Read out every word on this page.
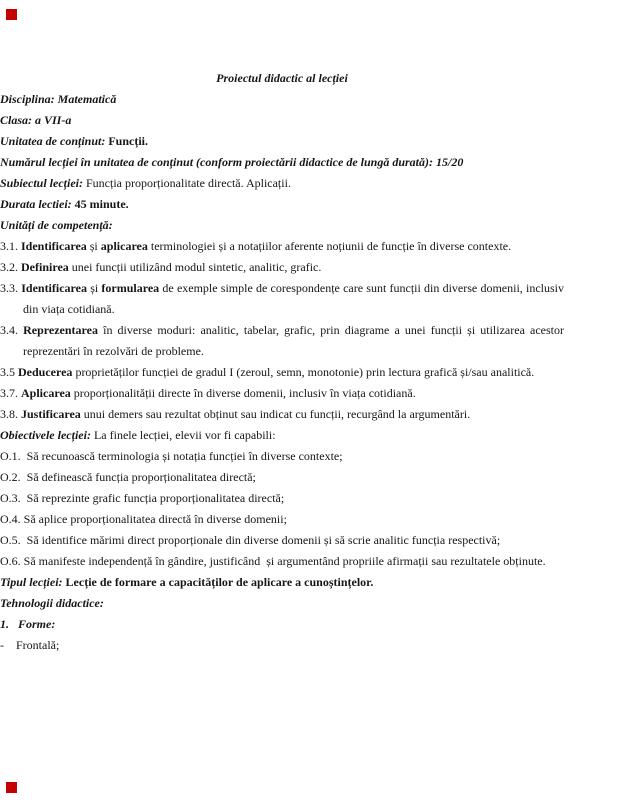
Proiectul didactic al lecției

Disciplina: Matematică

Clasa: a VII-a

Unitatea de conținut: Funcții.

Numărul lecției în unitatea de conținut (conform proiectării didactice de lungă durată): 15/20

Subiectul lecției: Funcția proporționalitate directă. Aplicații.

Durata lectiei: 45 minute.

Unități de competență:

3.1. Identificarea și aplicarea terminologiei și a notațiilor aferente noțiunii de funcție în diverse contexte.

3.2. Definirea unei funcții utilizând modul sintetic, analitic, grafic.

3.3. Identificarea și formularea de exemple simple de corespondențe care sunt funcții din diverse domenii, inclusiv din viața cotidiană.

3.4. Reprezentarea în diverse moduri: analitic, tabelar, grafic, prin diagrame a unei funcții și utilizarea acestor reprezentări în rezolvări de probleme.

3.5 Deducerea proprietăților funcției de gradul I (zeroul, semn, monotonie) prin lectura grafică și/sau analitică.

3.7. Aplicarea proporționalității directe în diverse domenii, inclusiv în viața cotidiană.

3.8. Justificarea unui demers sau rezultat obținut sau indicat cu funcții, recurgând la argumentări.

Obiectivele lecției: La finele lecției, elevii vor fi capabili:

O.1.  Să recunoască terminologia și notația funcției în diverse contexte;

O.2.  Să definească funcția proporționalitatea directă;

O.3.  Să reprezinte grafic funcția proporționalitatea directă;

O.4. Să aplice proporționalitatea directă în diverse domenii;

O.5.  Să identifice mărimi direct proporționale din diverse domenii și să scrie analitic funcția respectivă;

O.6. Să manifeste independență în gândire, justificând  și argumentând propriile afirmații sau rezultatele obținute.

Tipul lecției: Lecție de formare a capacităților de aplicare a cunoștințelor.

Tehnologii didactice:

1.   Forme:

-    Frontală;
